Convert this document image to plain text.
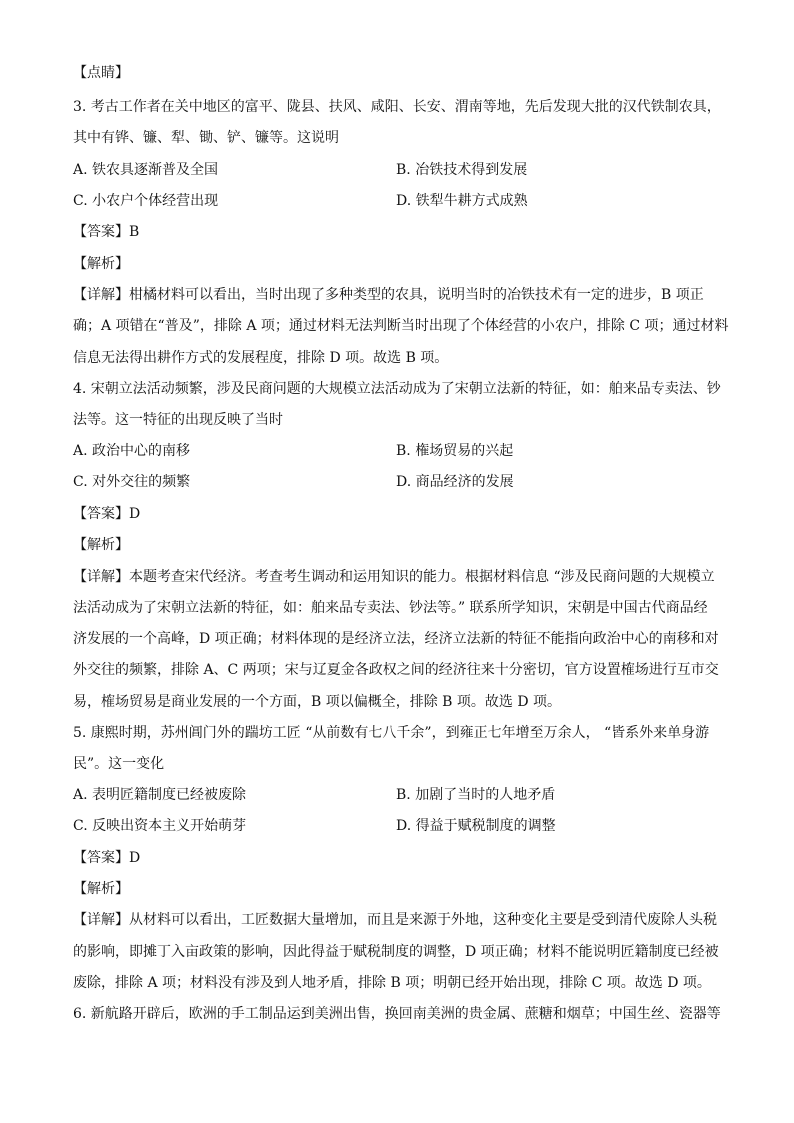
【点睛】
3. 考古工作者在关中地区的富平、陇县、扶风、咸阳、长安、渭南等地，先后发现大批的汉代铁制农具，
其中有铧、镰、犁、锄、铲、镰等。这说明
A. 铁农具逐渐普及全国	B. 冶铁技术得到发展
C. 小农户个体经营出现	D. 铁犁牛耕方式成熟
【答案】B
【解析】
【详解】柑橘材料可以看出，当时出现了多种类型的农具，说明当时的冶铁技术有一定的进步，B 项正
确；A 项错在“普及”，排除 A 项；通过材料无法判断当时出现了个体经营的小农户，排除 C 项；通过材料
信息无法得出耕作方式的发展程度，排除 D 项。故选 B 项。
4. 宋朝立法活动频繁，涉及民商问题的大规模立法活动成为了宋朝立法新的特征，如：舶来品专卖法、钞
法等。这一特征的出现反映了当时
A. 政治中心的南移	B. 権场贸易的兴起
C. 对外交往的频繁	D. 商品经济的发展
【答案】D
【解析】
【详解】本题考查宋代经济。考查考生调动和运用知识的能力。根据材料信息 “涉及民商问题的大规模立
法活动成为了宋朝立法新的特征，如：舶来品专卖法、钞法等。” 联系所学知识，宋朝是中国古代商品经
济发展的一个高峰，D 项正确；材料体现的是经济立法，经济立法新的特征不能指向政治中心的南移和对
外交往的频繁，排除 A、C 两项；宋与辽夏金各政权之间的经济往来十分密切，官方设置榷场进行互市交
易，榷场贸易是商业发展的一个方面，B 项以偏概全，排除 B 项。故选 D 项。
5. 康熙时期，苏州阊门外的踹坊工匠 “从前数有七八千余”，到雍正七年增至万余人， “皆系外来单身游
民”。这一变化
A. 表明匠籍制度已经被废除	B. 加剧了当时的人地矛盾
C. 反映出资本主义开始萌芽	D. 得益于赋税制度的调整
【答案】D
【解析】
【详解】从材料可以看出，工匠数据大量增加，而且是来源于外地，这种变化主要是受到清代废除人头税
的影响，即摊丁入亩政策的影响，因此得益于赋税制度的调整，D 项正确；材料不能说明匠籍制度已经被
废除，排除 A 项；材料没有涉及到人地矛盾，排除 B 项；明朝已经开始出现，排除 C 项。故选 D 项。
6. 新航路开辟后，欧洲的手工制品运到美洲出售，换回南美洲的贵金属、蔗糖和烟草；中国生丝、瓷器等
